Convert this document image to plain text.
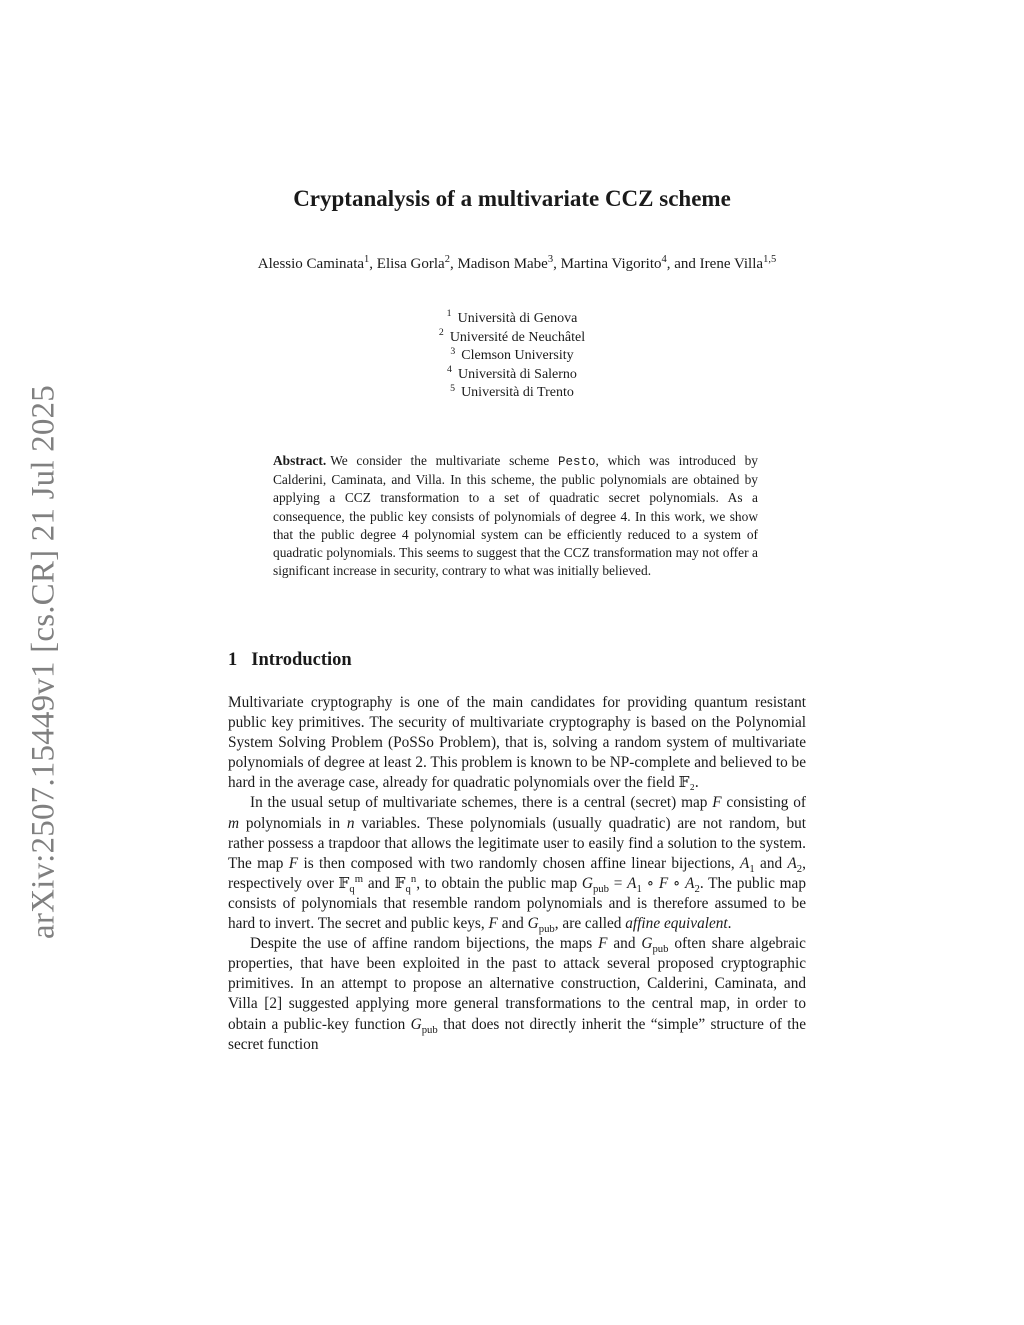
arXiv:2507.15449v1 [cs.CR] 21 Jul 2025
Cryptanalysis of a multivariate CCZ scheme
Alessio Caminata$^1$, Elisa Gorla$^2$, Madison Mabe$^3$, Martina Vigorito$^4$, and Irene Villa$^{1,5}$
$^1$ Università di Genova
$^2$ Université de Neuchâtel
$^3$ Clemson University
$^4$ Università di Salerno
$^5$ Università di Trento
Abstract. We consider the multivariate scheme Pesto, which was introduced by Calderini, Caminata, and Villa. In this scheme, the public polynomials are obtained by applying a CCZ transformation to a set of quadratic secret polynomials. As a consequence, the public key consists of polynomials of degree 4. In this work, we show that the public degree 4 polynomial system can be efficiently reduced to a system of quadratic polynomials. This seems to suggest that the CCZ transformation may not offer a significant increase in security, contrary to what was initially believed.
1 Introduction

Multivariate cryptography is one of the main candidates for providing quantum resistant public key primitives. The security of multivariate cryptography is based on the Polynomial System Solving Problem (PoSSo Problem), that is, solving a random system of multivariate polynomials of degree at least 2. This problem is known to be NP-complete and believed to be hard in the average case, already for quadratic polynomials over the field 𝔽₂.

In the usual setup of multivariate schemes, there is a central (secret) map F consisting of m polynomials in n variables. These polynomials (usually quadratic) are not random, but rather possess a trapdoor that allows the legitimate user to easily find a solution to the system. The map F is then composed with two randomly chosen affine linear bijections, $A_1$ and $A_2$, respectively over 𝔽$_q^m$ and 𝔽$_q^n$, to obtain the public map $G_{pub} = A_1$ ∘ F ∘ $A_2$. The public map consists of polynomials that resemble random polynomials and is therefore assumed to be hard to invert. The secret and public keys, F and $G_{pub}$, are called affine equivalent.

Despite the use of affine random bijections, the maps F and $G_{pub}$ often share algebraic properties, that have been exploited in the past to attack several proposed cryptographic primitives. In an attempt to propose an alternative construction, Calderini, Caminata, and Villa [2] suggested applying more general transformations to the central map, in order to obtain a public-key function $G_{pub}$ that does not directly inherit the “simple” structure of the secret function
